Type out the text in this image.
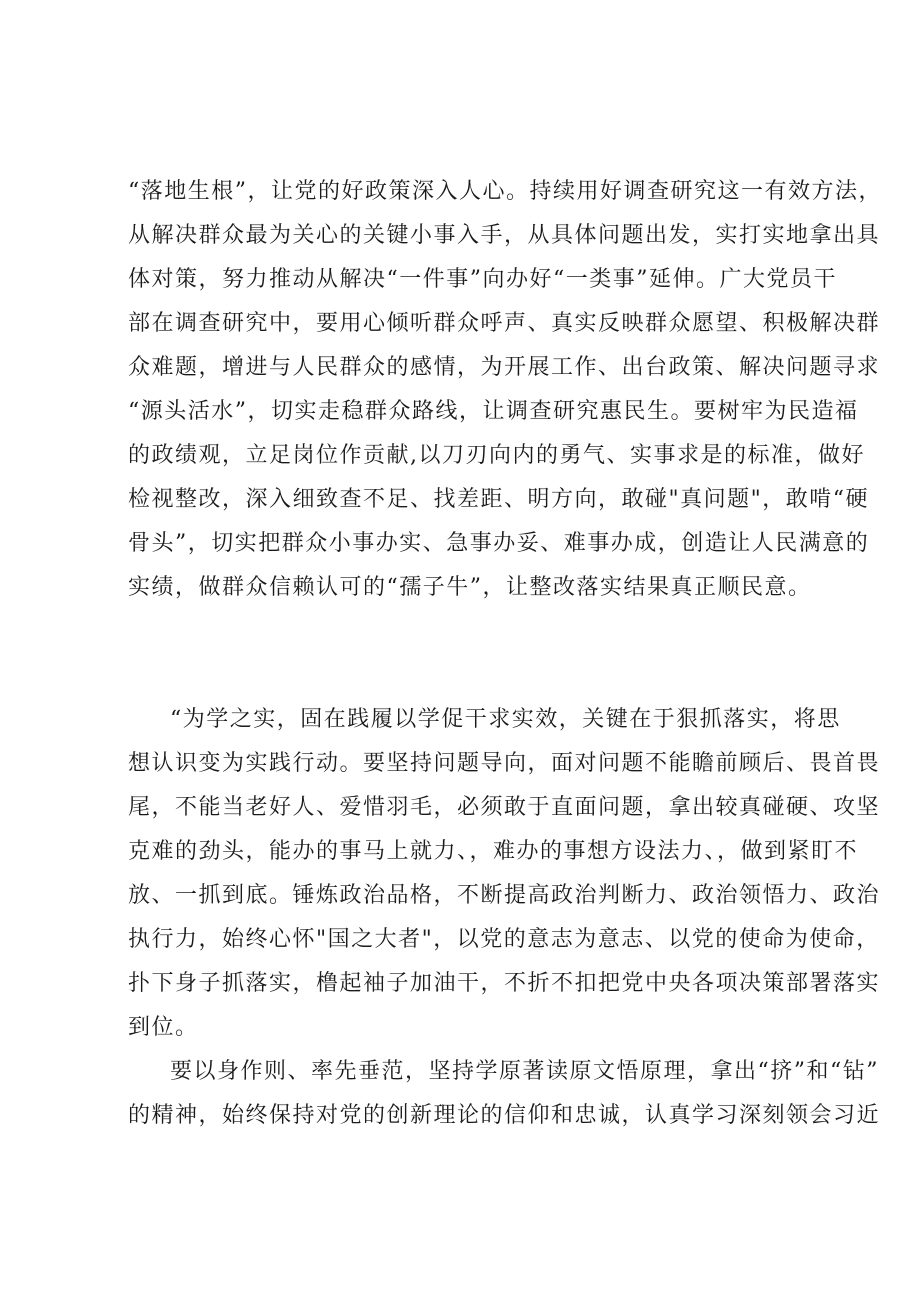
“落地生根”，让党的好政策深入人心。持续用好调查研究这一有效方法，
从解决群众最为关心的关键小事入手，从具体问题出发，实打实地拿出具
体对策，努力推动从解决“一件事”向办好“一类事”延伸。广大党员干
部在调查研究中，要用心倾听群众呼声、真实反映群众愿望、积极解决群
众难题，增进与人民群众的感情，为开展工作、出台政策、解决问题寻求
“源头活水”，切实走稳群众路线，让调查研究惠民生。要树牢为民造福
的政绩观，立足岗位作贡献,以刀刃向内的勇气、实事求是的标准，做好
检视整改，深入细致查不足、找差距、明方向，敢碰"真问题"，敢啃“硬
骨头”，切实把群众小事办实、急事办妥、难事办成，创造让人民满意的
实绩，做群众信赖认可的“孺子牛”，让整改落实结果真正顺民意。
“为学之实，固在践履以学促干求实效，关键在于狠抓落实，将思
想认识变为实践行动。要坚持问题导向，面对问题不能瞻前顾后、畏首畏
尾，不能当老好人、爱惜羽毛，必须敢于直面问题，拿出较真碰硬、攻坚
克难的劲头，能办的事马上就力、，难办的事想方设法力、，做到紧盯不
放、一抓到底。锤炼政治品格，不断提高政治判断力、政治领悟力、政治
执行力，始终心怀"国之大者"，以党的意志为意志、以党的使命为使命，
扑下身子抓落实，橹起袖子加油干，不折不扣把党中央各项决策部署落实
到位。
要以身作则、率先垂范，坚持学原著读原文悟原理，拿出“挤”和“钻”
的精神，始终保持对党的创新理论的信仰和忠诚，认真学习深刻领会习近
